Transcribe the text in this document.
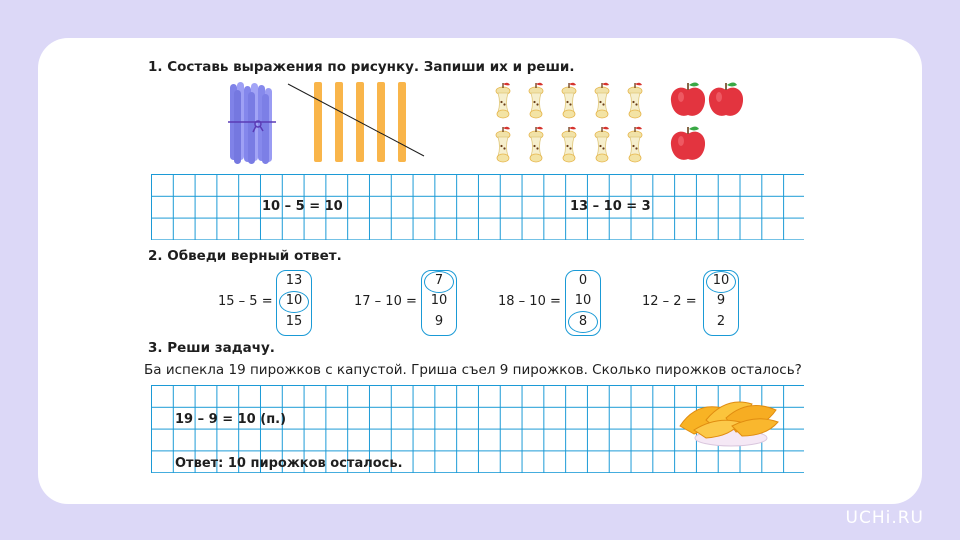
1. Составь выражения по рисунку. Запиши их и реши.
10 – 5 = 10	13 – 10 = 3
2. Обведи верный ответ.
15 – 5 =
13
10
15
17 – 10 =
7
10
9
18 – 10 =
0
10
8
12 – 2 =
10
9
2
3. Реши задачу.
Ба испекла 19 пирожков с капустой. Гриша съел 9 пирожков. Сколько пирожков осталось?
19 – 9 = 10 (п.)
Ответ: 10 пирожков осталось.
UCHi.RU
